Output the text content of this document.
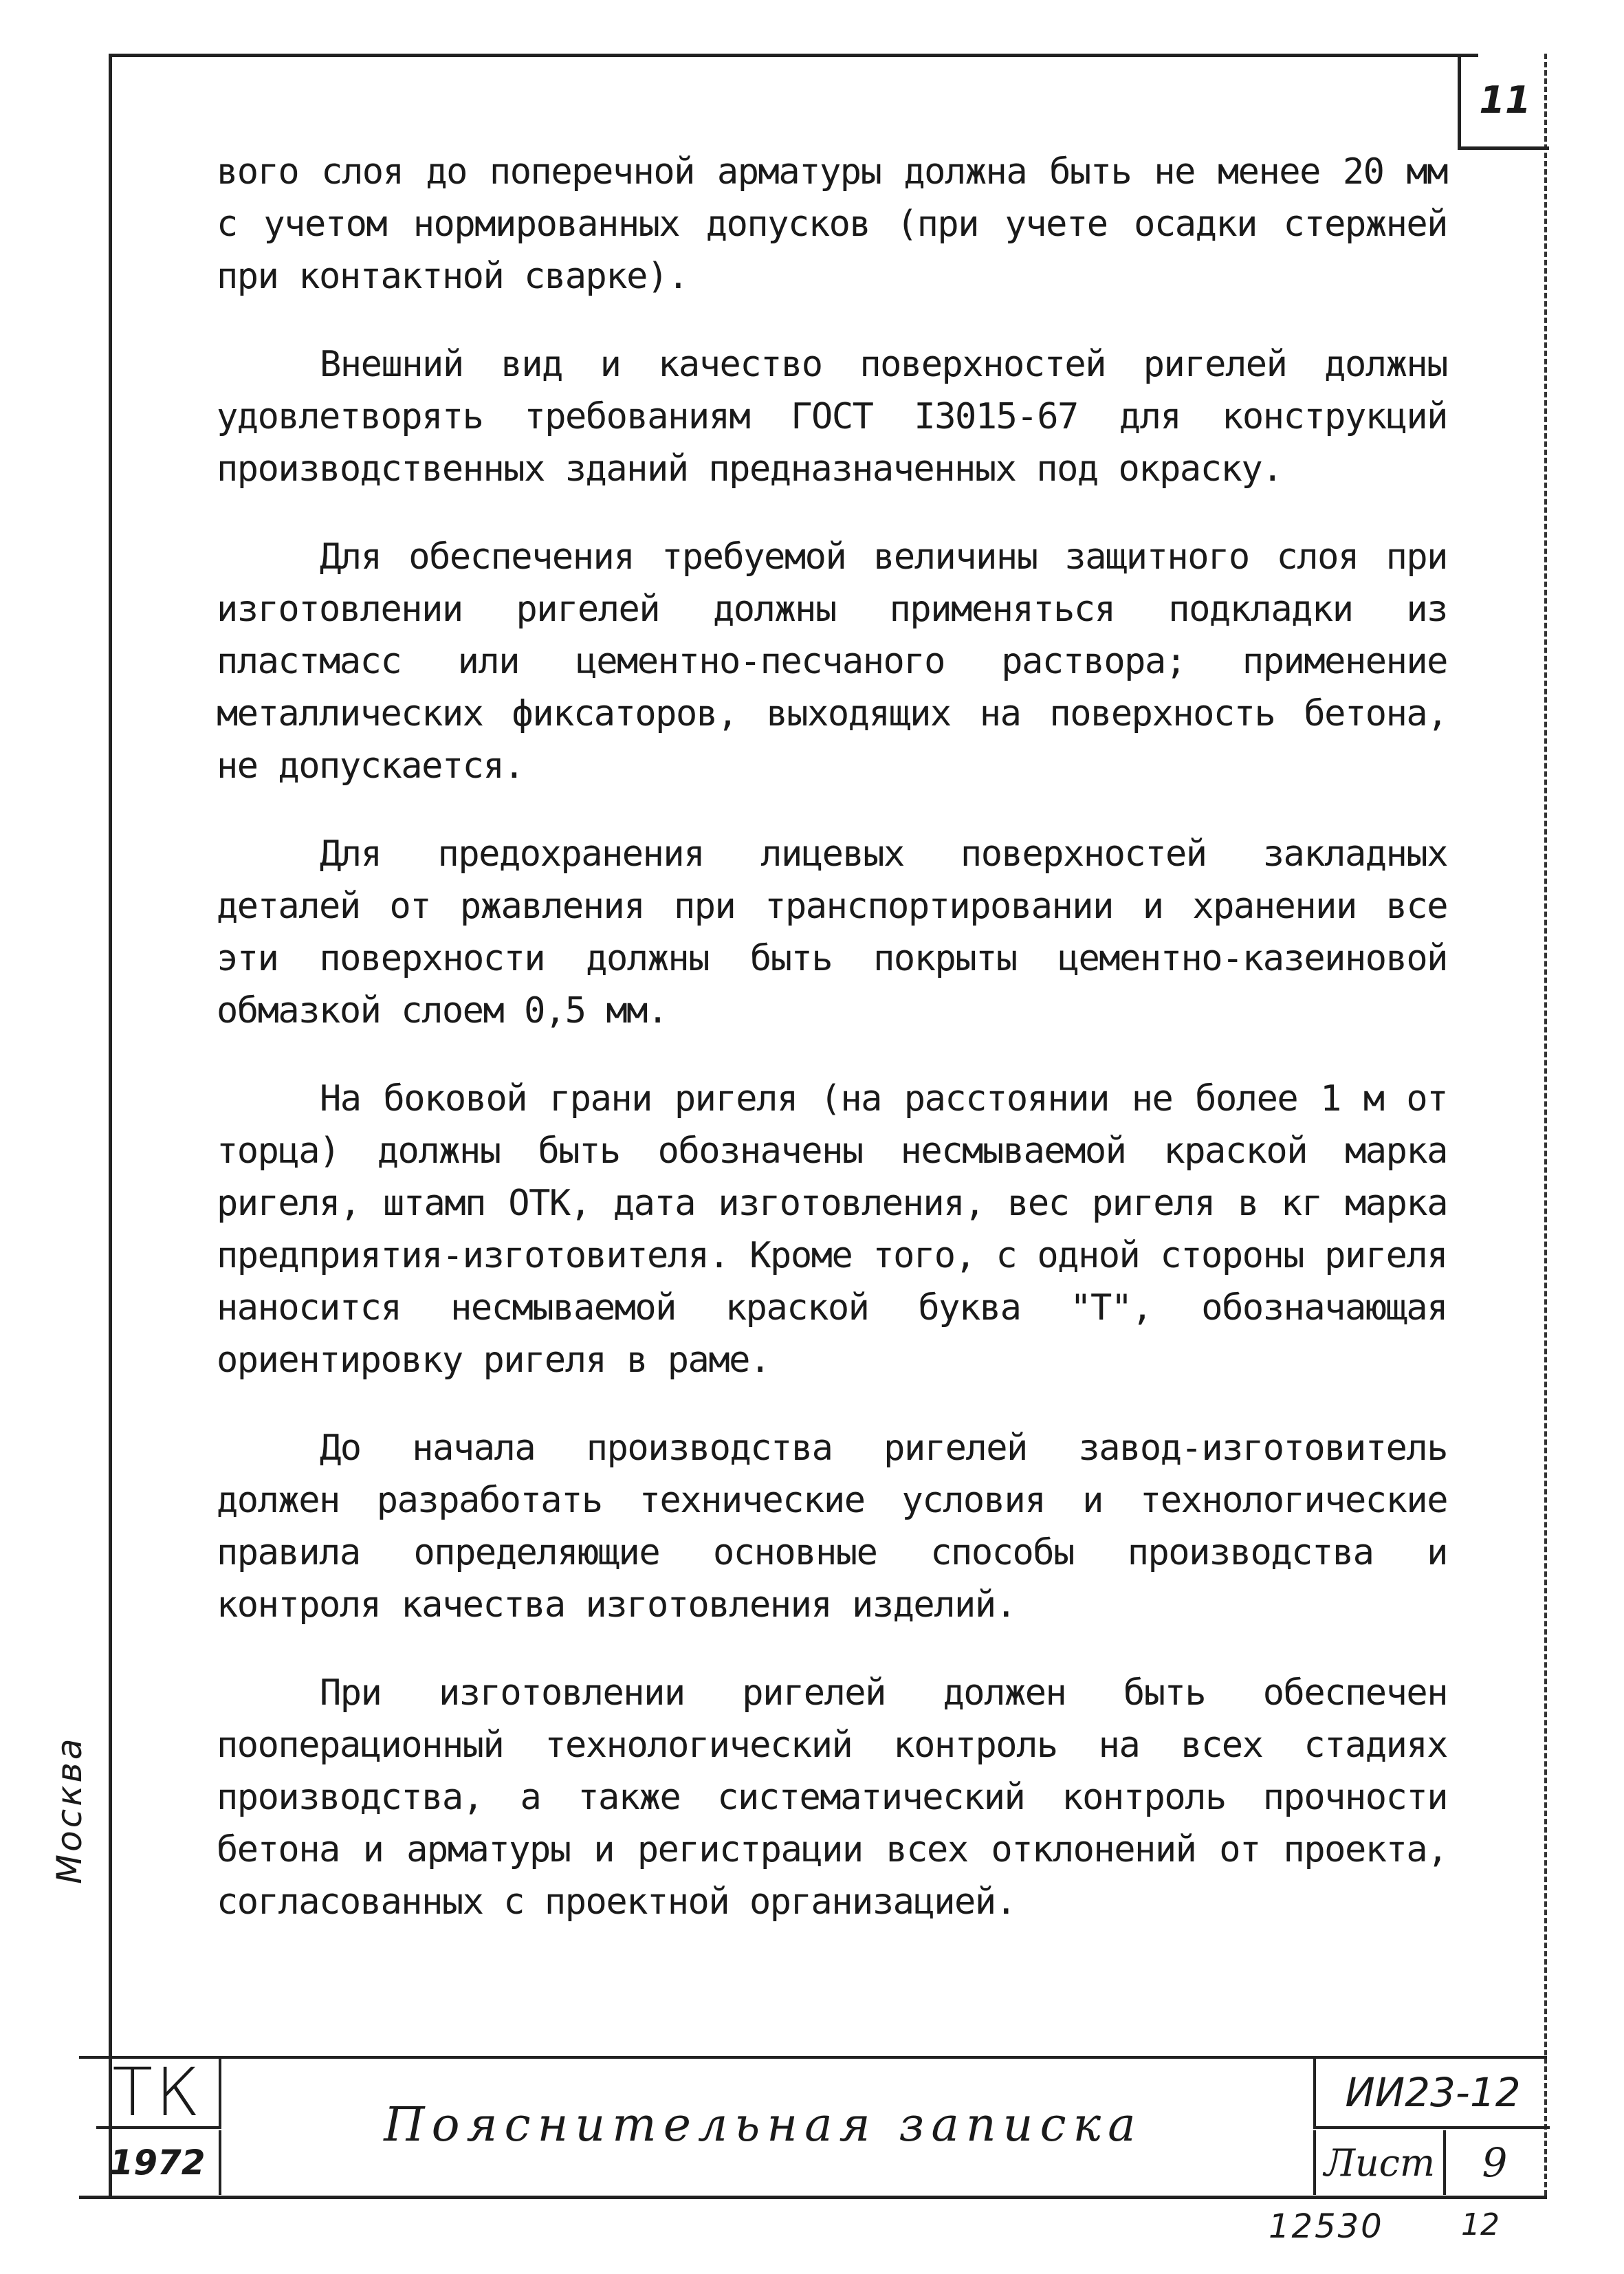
11

вого слоя до поперечной арматуры должна быть не менее 20 мм с учетом нормированных допусков (при учете осадки стержней при контактной сварке).

Внешний вид и качество поверхностей ригелей должны удовлетворять требованиям ГОСТ I3015-67 для конструкций производственных зданий предназначенных под окраску.

Для обеспечения требуемой величины защитного слоя при изготовлении ригелей должны применяться подкладки из пластмасс или цементно-песчаного раствора; применение металлических фиксаторов, выходящих на поверхность бетона, не допускается.

Для предохранения лицевых поверхностей закладных деталей от ржавления при транспортировании и хранении все эти поверхности должны быть покрыты цементно-казеиновой обмазкой слоем 0,5 мм.

На боковой грани ригеля (на расстоянии не более 1 м от торца) должны быть обозначены несмываемой краской марка ригеля, штамп ОТК, дата изготовления, вес ригеля в кг марка предприятия-изготовителя. Кроме того, с одной стороны ригеля наносится несмываемой краской буква "Т", обозначающая ориентировку ригеля в раме.

До начала производства ригелей завод-изготовитель должен разработать технические условия и технологические правила определяющие основные способы производства и контроля качества изготовления изделий.

При изготовлении ригелей должен быть обеспечен пооперационный технологический контроль на всех стадиях производства, а также систематический контроль прочности бетона и арматуры и регистрации всех отклонений от проекта, согласованных с проектной организацией.

ТК
1972
Пояснительная записка
ИИ23-12
Лист	9
12530	12
Москва
